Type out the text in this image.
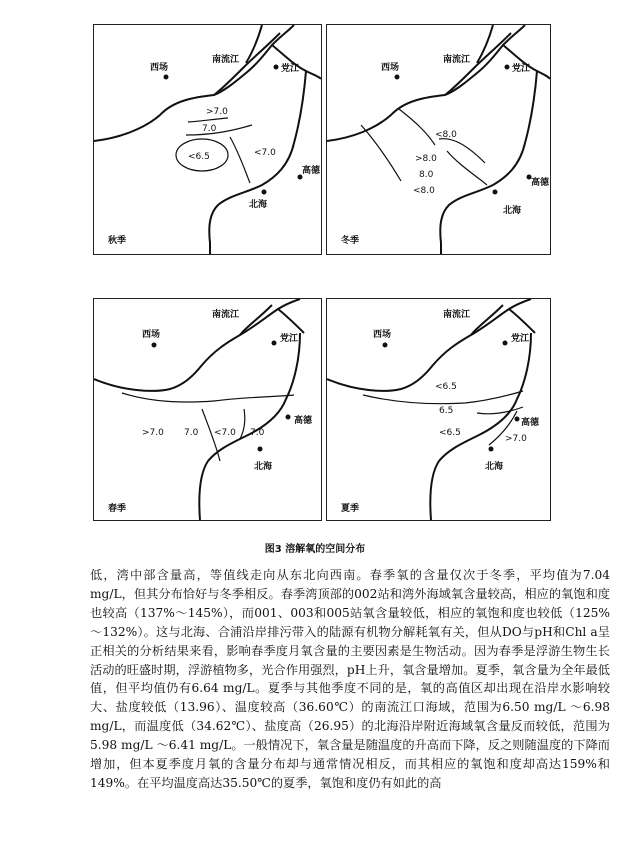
西场
南流江
党江
高德
北海
>7.0
7.0
<6.5	<7.0
秋季
西场
南流江
党江
高德
北海
<8.0
>8.0
8.0
<8.0
冬季
西场
南流江
党江
高德
北海
>7.0 7.0 <7.0 7.0
春季
西场
南流江
党江
高德
北海
<6.5
6.5
<6.5
>7.0
夏季
图3 溶解氧的空间分布

低，湾中部含量高，等值线走向从东北向西南。春季氧的含量仅次于冬季，平均值为7.04 mg/L，但其分布恰好与冬季相反。春季湾顶部的002站和湾外海域氧含量较高，相应的氧饱和度也较高（137%～145%），而001、003和005站氧含量较低，相应的氧饱和度也较低（125%～132%）。这与北海、合浦沿岸排污带入的陆源有机物分解耗氧有关，但从DO与pH和Chl a呈正相关的分析结果来看，影响春季度月氧含量的主要因素是生物活动。因为春季是浮游生物生长活动的旺盛时期，浮游植物多，光合作用强烈，pH上升，氧含量增加。夏季，氧含量为全年最低值，但平均值仍有6.64 mg/L。夏季与其他季度不同的是，氧的高值区却出现在沿岸水影响较大、盐度较低（13.96）、温度较高（36.60℃）的南流江口海域，范围为6.50 mg/L ～6.98 mg/L，而温度低（34.62℃）、盐度高（26.95）的北海沿岸附近海域氧含量反而较低，范围为5.98 mg/L ～6.41 mg/L。一般情况下，氧含量是随温度的升高而下降，反之则随温度的下降而增加，但本夏季度月氧的含量分布却与通常情况相反，而其相应的氧饱和度却高达159%和149%。在平均温度高达35.50℃的夏季，氧饱和度仍有如此的高
